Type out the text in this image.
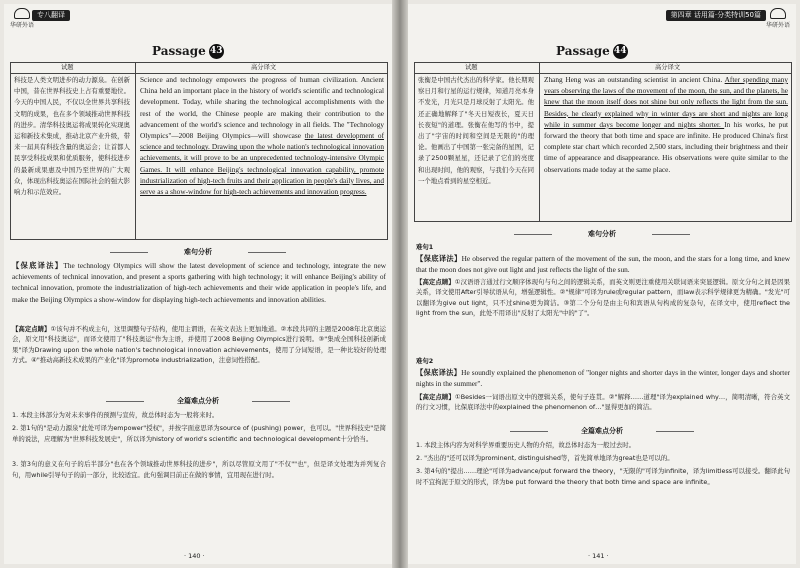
华研外语
专八翻译
Passage 43
试题	高分译文
科技是人类文明进步的动力源泉。在创新中国，昔在世界科技史上占有重要地位。今天的中国人民，不仅以全世界共享科技文明的成果，也在多个领域推动世界科技的进步。清华科技奥运将成果转化实现奥运和新技术集成，推动北京产业升级，带来一届具有科技含量的奥运会；让首都人民享受科技成果和优质服务，使科技进步的最新成果惠及中国乃至世界的广大观众，体现出科技奥运在国际社会的强大影响力和示范效应。
Science and technology empowers the progress of human civilization. Ancient China held an important place in the history of world's scientific and technological development. Today, while sharing the technological accomplishments with the rest of the world, the Chinese people are making their contribution to the advancement of the world's science and technology in all fields. The "Technology Olympics"—2008 Beijing Olympics—will showcase the latest development of science and technology. Drawing upon the whole nation's technological innovation achievements, it will prove to be an unprecedented technology-intensive Olympic Games. It will enhance Beijing's technological innovation capability, promote industrialization of high-tech fruits and their application in people's daily lives, and serve as a show-window for high-tech achievements and innovation progress.
难句分析
【保底译法】The technology Olympics will show the latest development of science and technology, integrate the new achievements of technical innovation, and present a sports gathering with high technology; it will enhance Beijing's ability of technical innovation, promote the industrialization of high-tech achievements and their wide application in people's life, and make the Beijing Olympics a show-window for displaying high-tech achievements and innovation abilities.
【高定点睛】①该句并不构成主句，这里调整句子结构，使用主谓语，在英文表达上更加地道。②本段共同的主题是2008年北京奥运会，原文用"科技奥运"，而译文使用了"科技奥运"作为主语，并使用了2008 Beijing Olympics进行说明。③"集成全国科技创新成果"译为Drawing upon the whole nation's technological innovation achievements，使用了分词短语，是一种比较好的处理方式。④"推动高新技术成果的产业化"译为promote industrialization，注意词性搭配。
全篇难点分析
1. 本段主体部分为对未来事件的预测与宣传，故总体时态为一般将来时。
2. 第1句的"是动力源泉"此处可译为empower"授权"，并按字面意思译为source of (pushing) power，也可以。"世界科技史"是简单的说法，应理解为"世界科技发展史"，所以译为history of world's scientific and technological development十分恰当。
3. 第3句的意义在句子的后半部分"也在各个领域推动世界科技的进步"，所以尽管原文用了"不仅""也"，但是译文处理为并列复合句，用while引导句子的前一部分，比较适宜。此句强调目前正在做的事情，宜用现在进行时。
· 140 ·
第四章 话用篇·分类特训50篇
华研外语
Passage 44
试题	高分译文
张衡是中国古代杰出的科学家。他长期观察日月和行星的运行规律，知道月亮本身不发光，月光只是月球反射了太阳光。他还正确地解释了"冬天日短夜长，夏天日长夜短"的道理。张衡在他写的书中，提出了"宇宙的时间和空间是无限的"的理论。他画出了中国第一张完备的星图，记录了2500颗星星，还记录了它们的亮度和出现时间，他的观察，与我们今天在同一个地点看到的星空相近。
Zhang Heng was an outstanding scientist in ancient China. After spending many years observing the laws of the movement of the moon, the sun, and the planets, he knew that the moon itself does not shine but only reflects the light from the sun. Besides, he clearly explained why in winter days are short and nights are long while in summer days become longer and nights shorter. In his works, he put forward the theory that both time and space are infinite. He produced China's first complete star chart which recorded 2,500 stars, including their brightness and their time of appearance and disappearance. His observations were quite similar to the observations made today at the same place.
难句分析
难句1
【保底译法】He observed the regular pattern of the movement of the sun, the moon, and the stars for a long time, and knew that the moon does not give out light and just reflects the light of the sun.
【高定点睛】①汉语语言通过行文顺序体现句与句之间的逻辑关系，而英文则更注重使用关联词语来突显逻辑。原文分句之间是因果关系，译文使用After引导状语从句，增强逻辑性。②"规律"可译为rule或regular pattern，而law表示科学规律更为精确。"发光"可以翻译为give out light，只不过shine更为简洁。③第二个分句是由主句和宾语从句构成的复杂句，在译文中，使用reflect the light from the sun，此处不用译出"反射了太阳光"中的"了"。
难句2
【保底译法】He soundly explained the phenomenon of "longer nights and shorter days in the winter, longer days and shorter nights in the summer".
【高定点睛】①Besides一词语出原文中的逻辑关系，使句子连贯。②"解释……道理"译为explained why…，简明清晰，符合英文的行文习惯，比保底译法中的explained the phenomenon of…"显得更加的简洁。
全篇难点分析
1. 本段主体内容为对科学界重要历史人物的介绍，故总体时态为一般过去时。
2. "杰出的"还可以译为prominent, distinguished等，首先简单地译为great也是可以的。
3. 第4句的"提出……理论"可译为advance/put forward the theory，"无限的"可译为infinite，译为limitless可以接受。翻译此句时不宜拘泥于原文的形式，译为be put forward the theory that both time and space are infinite。
· 141 ·
